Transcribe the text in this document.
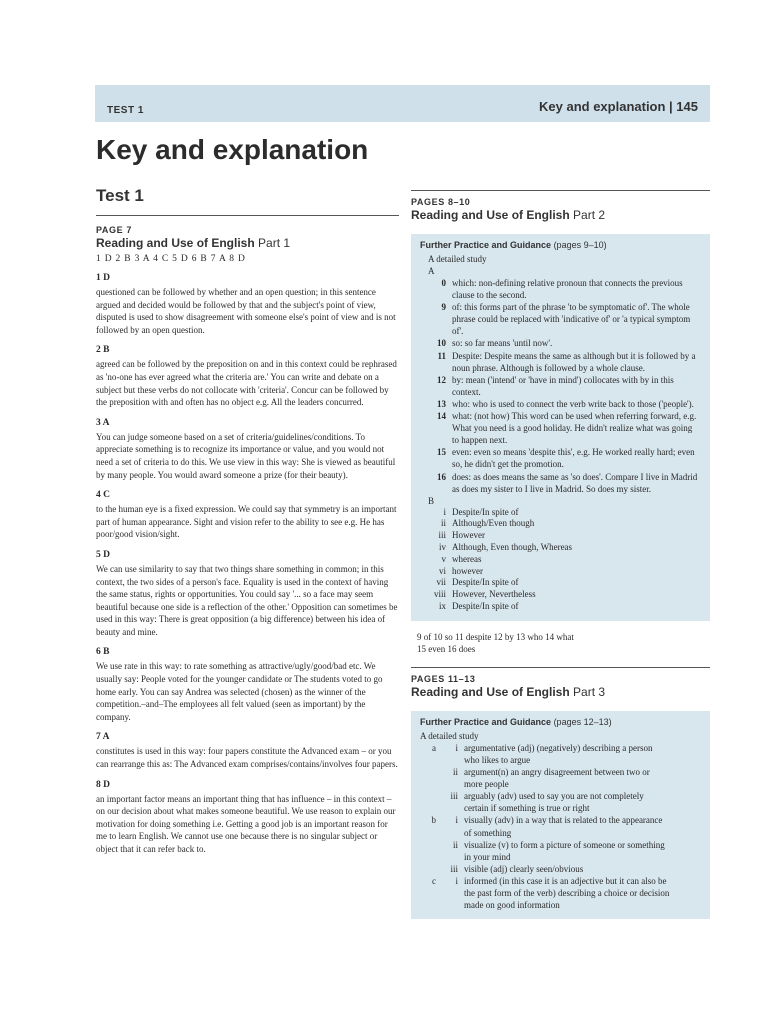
TEST 1	Key and explanation | 145
Key and explanation
Test 1
PAGE 7
Reading and Use of English Part 1
1 D 2 B 3 A 4 C 5 D 6 B 7 A 8 D
1 D
questioned can be followed by whether and an open question; in this sentence argued and decided would be followed by that and the subject's point of view, disputed is used to show disagreement with someone else's point of view and is not followed by an open question.
2 B
agreed can be followed by the preposition on and in this context could be rephrased as 'no-one has ever agreed what the criteria are.' You can write and debate on a subject but these verbs do not collocate with 'criteria'. Concur can be followed by the preposition with and often has no object e.g. All the leaders concurred.
3 A
You can judge someone based on a set of criteria/guidelines/conditions. To appreciate something is to recognize its importance or value, and you would not need a set of criteria to do this. We use view in this way: She is viewed as beautiful by many people. You would award someone a prize (for their beauty).
4 C
to the human eye is a fixed expression. We could say that symmetry is an important part of human appearance. Sight and vision refer to the ability to see e.g. He has poor/good vision/sight.
5 D
We can use similarity to say that two things share something in common; in this context, the two sides of a person's face. Equality is used in the context of having the same status, rights or opportunities. You could say '... so a face may seem beautiful because one side is a reflection of the other.' Opposition can sometimes be used in this way: There is great opposition (a big difference) between his idea of beauty and mine.
6 B
We use rate in this way: to rate something as attractive/ugly/good/bad etc. We usually say: People voted for the younger candidate or The students voted to go home early. You can say Andrea was selected (chosen) as the winner of the competition.–and–The employees all felt valued (seen as important) by the company.
7 A
constitutes is used in this way: four papers constitute the Advanced exam – or you can rearrange this as: The Advanced exam comprises/contains/involves four papers.
8 D
an important factor means an important thing that has influence – in this context – on our decision about what makes someone beautiful. We use reason to explain our motivation for doing something i.e. Getting a good job is an important reason for me to learn English. We cannot use one because there is no singular subject or object that it can refer back to.
PAGES 8–10
Reading and Use of English Part 2
Further Practice and Guidance (pages 9–10)
A detailed study
A
0 which: non-defining relative pronoun that connects the previous clause to the second.
9 of: this forms part of the phrase 'to be symptomatic of'. The whole phrase could be replaced with 'indicative of' or 'a typical symptom of'.
10 so: so far means 'until now'.
11 Despite: Despite means the same as although but it is followed by a noun phrase. Although is followed by a whole clause.
12 by: mean ('intend' or 'have in mind') collocates with by in this context.
13 who: who is used to connect the verb write back to those ('people').
14 what: (not how) This word can be used when referring forward, e.g. What you need is a good holiday. He didn't realize what was going to happen next.
15 even: even so means 'despite this', e.g. He worked really hard; even so, he didn't get the promotion.
16 does: as does means the same as 'so does'. Compare I live in Madrid as does my sister to I live in Madrid. So does my sister.
B
i Despite/In spite of
ii Although/Even though
iii However
iv Although, Even though, Whereas
v whereas
vi however
vii Despite/In spite of
viii However, Nevertheless
ix Despite/In spite of
9 of 10 so 11 despite 12 by 13 who 14 what
15 even 16 does
PAGES 11–13
Reading and Use of English Part 3
Further Practice and Guidance (pages 12–13)
A detailed study
a	i argumentative (adj) (negatively) describing a person
who likes to argue
ii argument(n) an angry disagreement between two or
more people
iii arguably (adv) used to say you are not completely
certain if something is true or right
b	i visually (adv) in a way that is related to the appearance
of something
ii visualize (v) to form a picture of someone or something
in your mind
iii visible (adj) clearly seen/obvious
c	i informed (in this case it is an adjective but it can also be
the past form of the verb) describing a choice or decision
made on good information
